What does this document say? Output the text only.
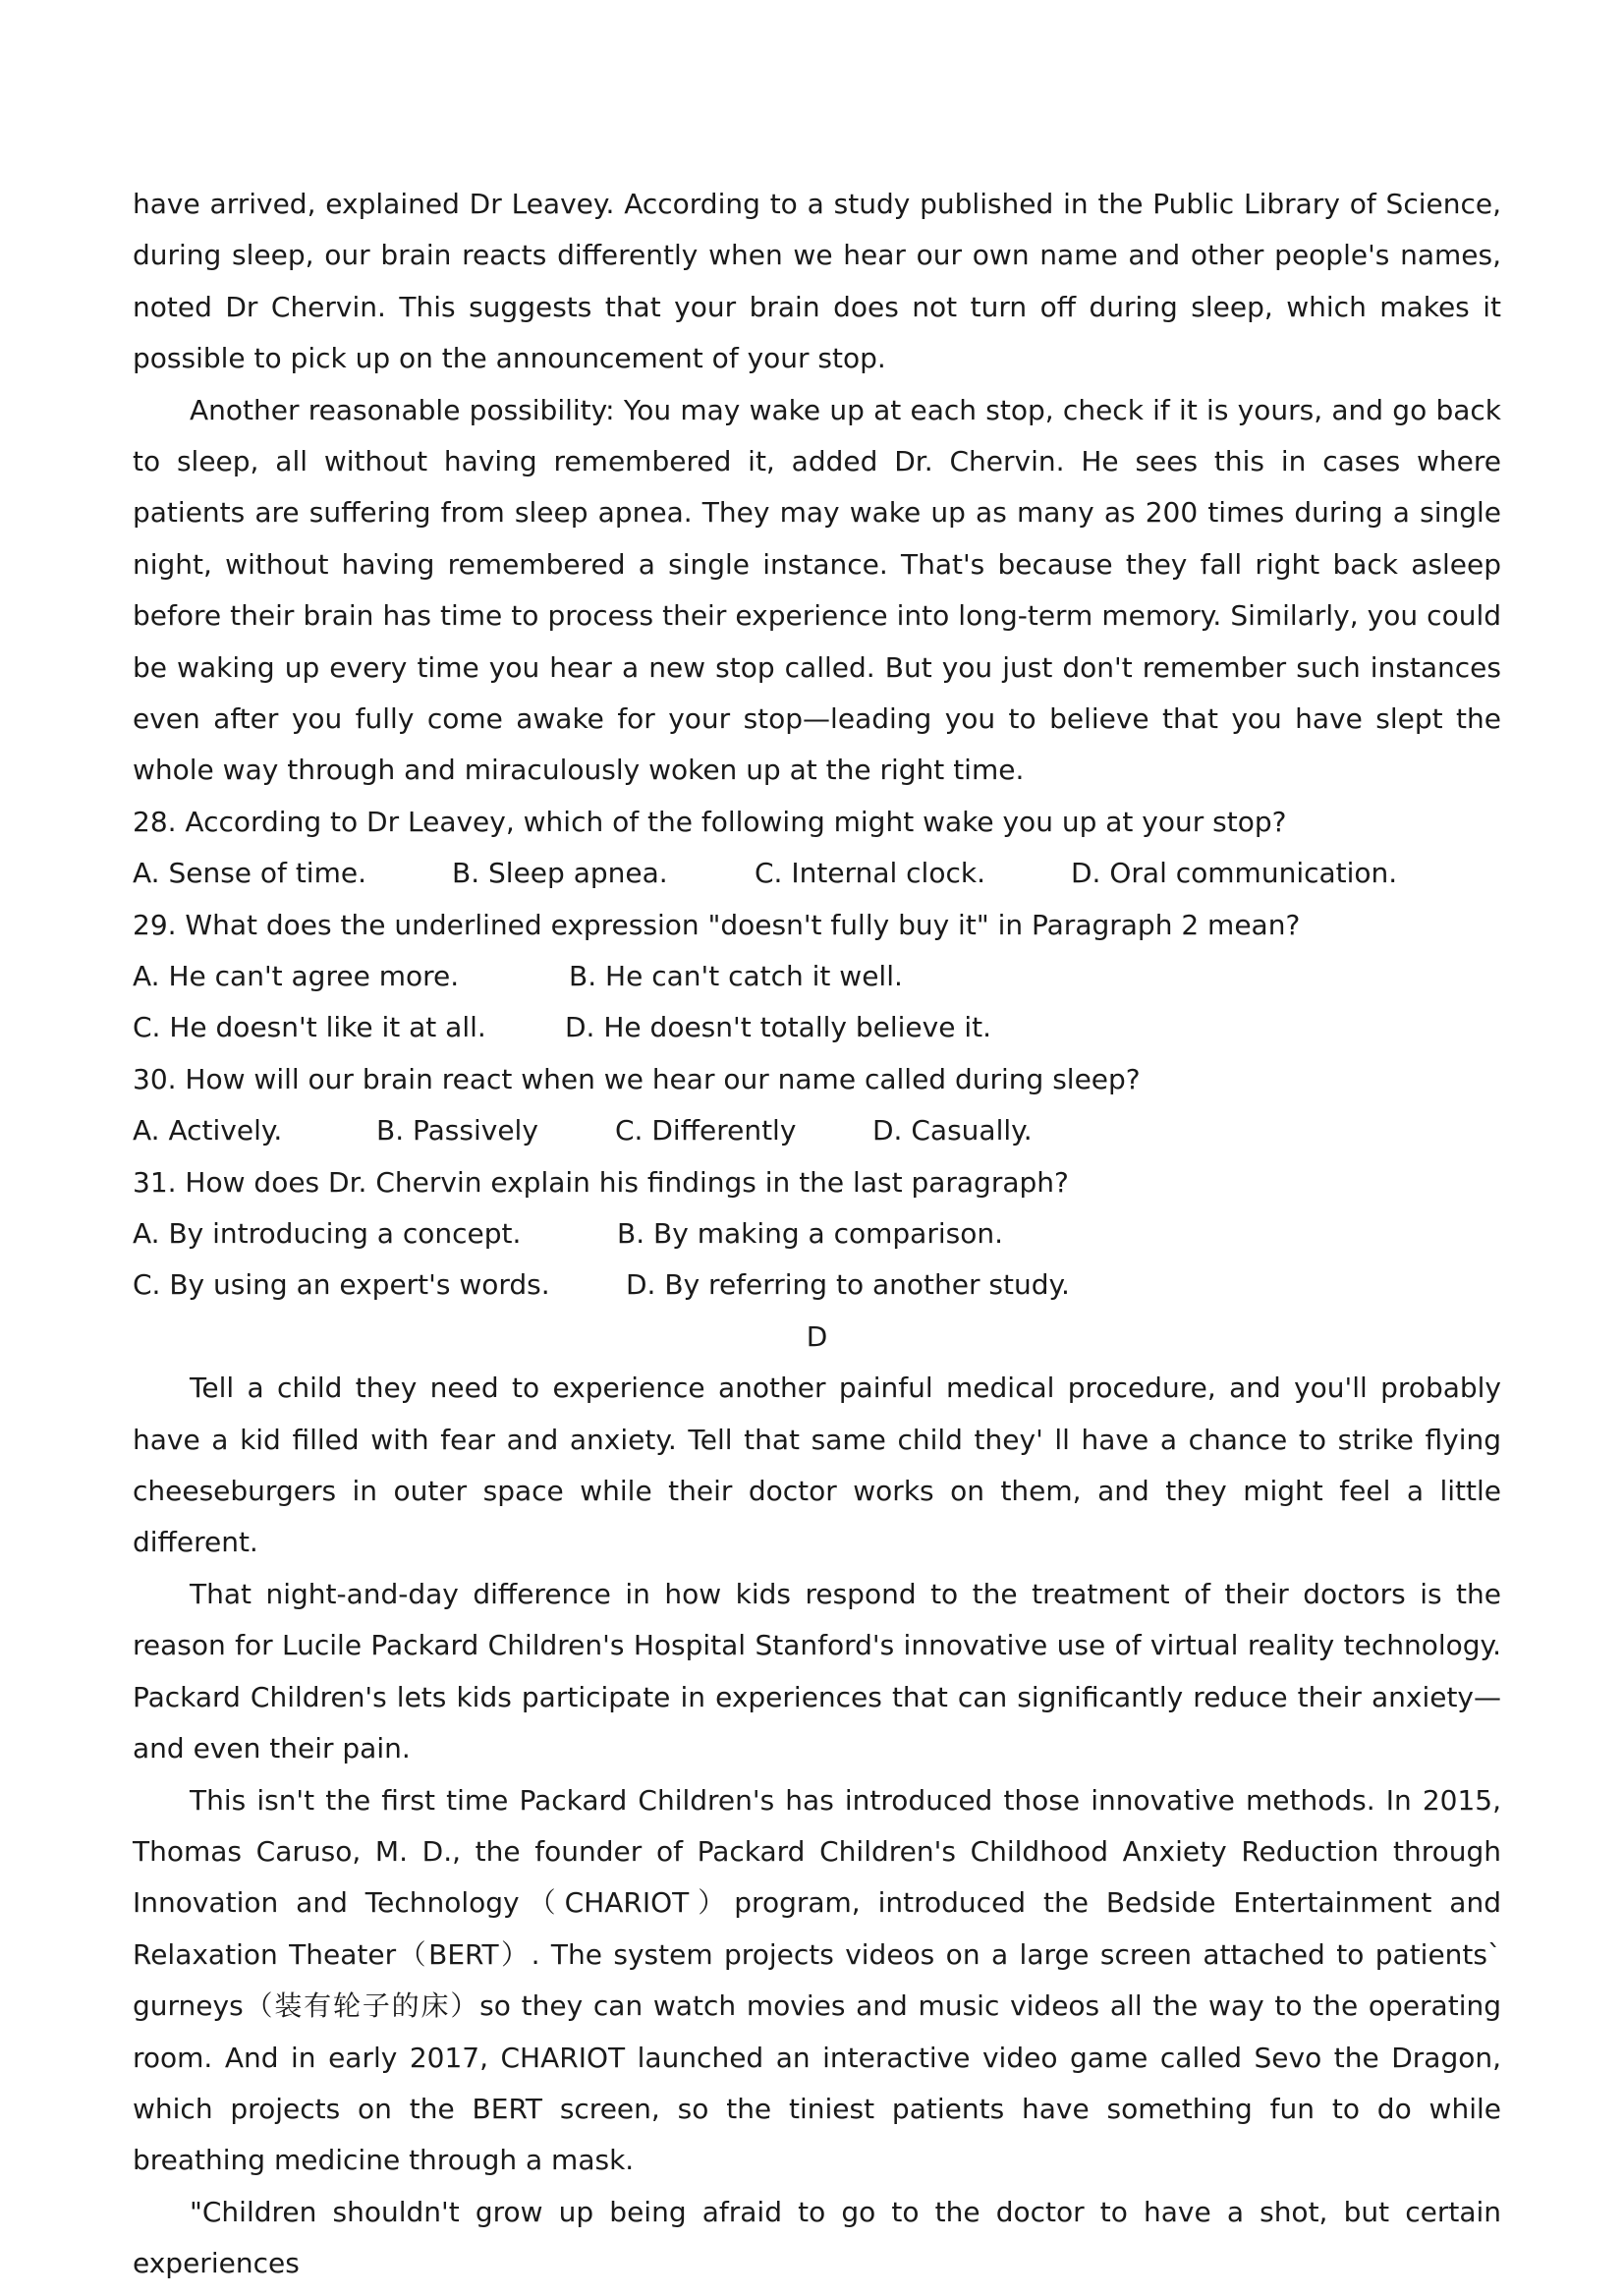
have arrived, explained Dr Leavey. According to a study published in the Public Library of Science, during sleep, our brain reacts differently when we hear our own name and other people's names, noted Dr Chervin. This suggests that your brain does not turn off during sleep, which makes it possible to pick up on the announcement of your stop.

Another reasonable possibility: You may wake up at each stop, check if it is yours, and go back to sleep, all without having remembered it, added Dr. Chervin. He sees this in cases where patients are suffering from sleep apnea. They may wake up as many as 200 times during a single night, without having remembered a single instance. That's because they fall right back asleep before their brain has time to process their experience into long-term memory. Similarly, you could be waking up every time you hear a new stop called. But you just don't remember such instances even after you fully come awake for your stop—leading you to believe that you have slept the whole way through and miraculously woken up at the right time.

28. According to Dr Leavey, which of the following might wake you up at your stop?

A. Sense of time.	B. Sleep apnea.	C. Internal clock.	D. Oral communication.

29. What does the underlined expression "doesn't fully buy it" in Paragraph 2 mean?

A. He can't agree more.	B. He can't catch it well.
C. He doesn't like it at all.	D. He doesn't totally believe it.

30. How will our brain react when we hear our name called during sleep?

A. Actively.	B. Passively	C. Differently	D. Casually.

31. How does Dr. Chervin explain his findings in the last paragraph?

A. By introducing a concept.	B. By making a comparison.
C. By using an expert's words.	D. By referring to another study.

D

Tell a child they need to experience another painful medical procedure, and you'll probably have a kid filled with fear and anxiety. Tell that same child they' ll have a chance to strike flying cheeseburgers in outer space while their doctor works on them, and they might feel a little different.

That night-and-day difference in how kids respond to the treatment of their doctors is the reason for Lucile Packard Children's Hospital Stanford's innovative use of virtual reality technology. Packard Children's lets kids participate in experiences that can significantly reduce their anxiety—and even their pain.

This isn't the first time Packard Children's has introduced those innovative methods. In 2015, Thomas Caruso, M. D., the founder of Packard Children's Childhood Anxiety Reduction through Innovation and Technology（CHARIOT）program, introduced the Bedside Entertainment and Relaxation Theater（BERT）. The system projects videos on a large screen attached to patients` gurneys（装有轮子的床）so they can watch movies and music videos all the way to the operating room. And in early 2017, CHARIOT launched an interactive video game called Sevo the Dragon, which projects on the BERT screen, so the tiniest patients have something fun to do while breathing medicine through a mask.

"Children shouldn't grow up being afraid to go to the doctor to have a shot, but certain experiences
